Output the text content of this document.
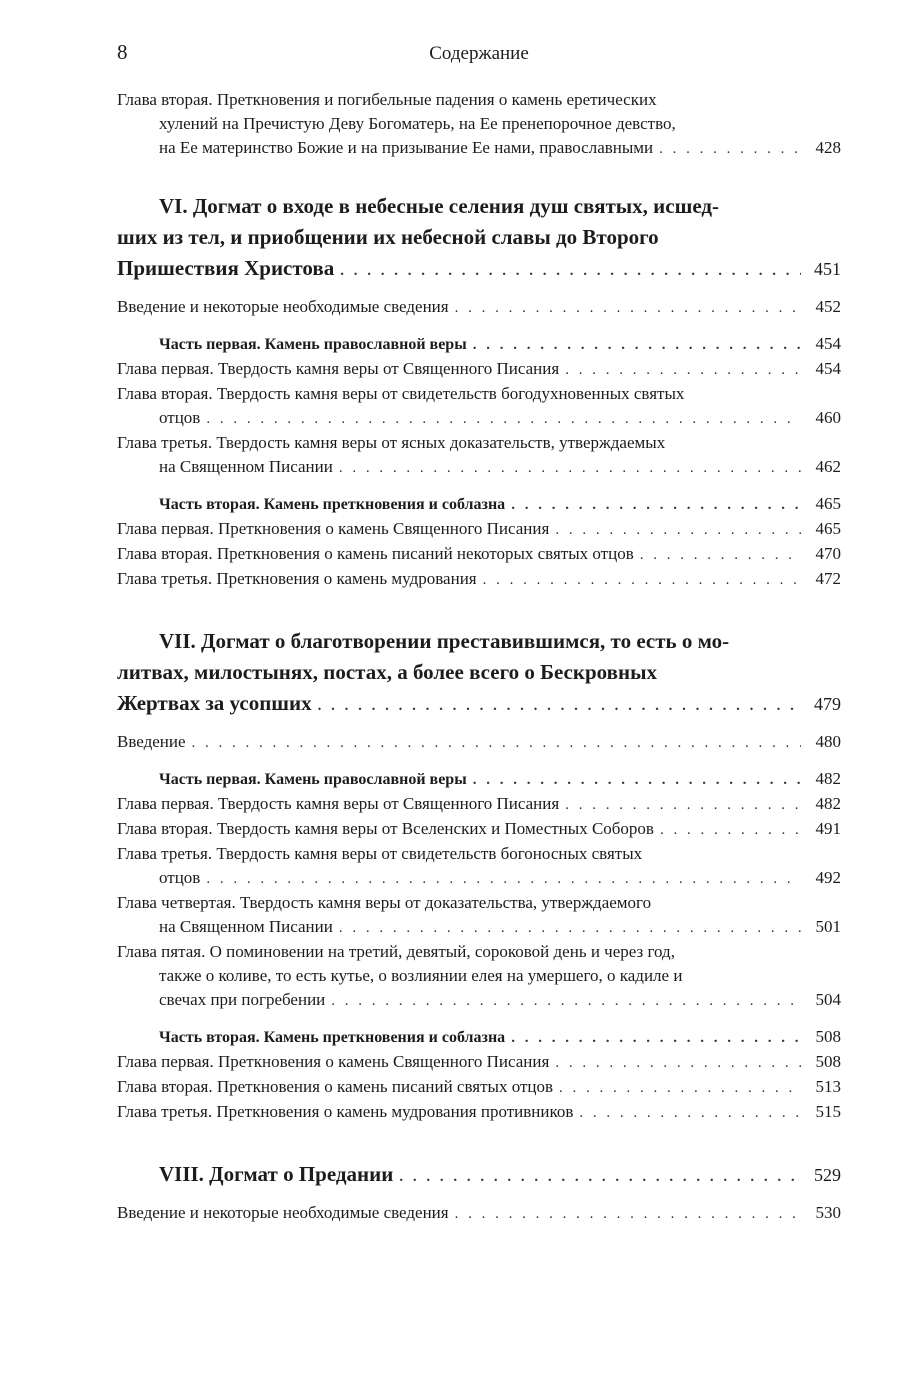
8	Содержание
Глава вторая. Преткновения и погибельные падения о камень еретических
хулений на Пречистую Деву Богоматерь, на Ее пренепорочное девство,
на Ее материнство Божие и на призывание Ее нами, православными . . .	428
VI. Догмат о входе в небесные селения душ святых, исшед-
ших из тел, и приобщении их небесной славы до Второго
Пришествия Христова . . .	451
Введение и некоторые необходимые сведения . . .	452
Часть первая. Камень православной веры . . .	454
Глава первая. Твердость камня веры от Священного Писания . . .	454
Глава вторая. Твердость камня веры от свидетельств богодухновенных святых
отцов . . .	460
Глава третья. Твердость камня веры от ясных доказательств, утверждаемых
на Священном Писании . . .	462
Часть вторая. Камень преткновения и соблазна . . .	465
Глава первая. Преткновения о камень Священного Писания . . .	465
Глава вторая. Преткновения о камень писаний некоторых святых отцов . . .	470
Глава третья. Преткновения о камень мудрования . . .	472
VII. Догмат о благотворении преставившимся, то есть о мо-
литвах, милостынях, постах, а более всего о Бескровных
Жертвах за усопших . . .	479
Введение . . .	480
Часть первая. Камень православной веры . . .	482
Глава первая. Твердость камня веры от Священного Писания . . .	482
Глава вторая. Твердость камня веры от Вселенских и Поместных Соборов . . .	491
Глава третья. Твердость камня веры от свидетельств богоносных святых
отцов . . .	492
Глава четвертая. Твердость камня веры от доказательства, утверждаемого
на Священном Писании . . .	501
Глава пятая. О поминовении на третий, девятый, сороковой день и через год,
также о коливе, то есть кутье, о возлиянии елея на умершего, о кадиле и
свечах при погребении . . .	504
Часть вторая. Камень преткновения и соблазна . . .	508
Глава первая. Преткновения о камень Священного Писания . . .	508
Глава вторая. Преткновения о камень писаний святых отцов . . .	513
Глава третья. Преткновения о камень мудрования противников . . .	515
VIII. Догмат о Предании . . .	529
Введение и некоторые необходимые сведения . . .	530
